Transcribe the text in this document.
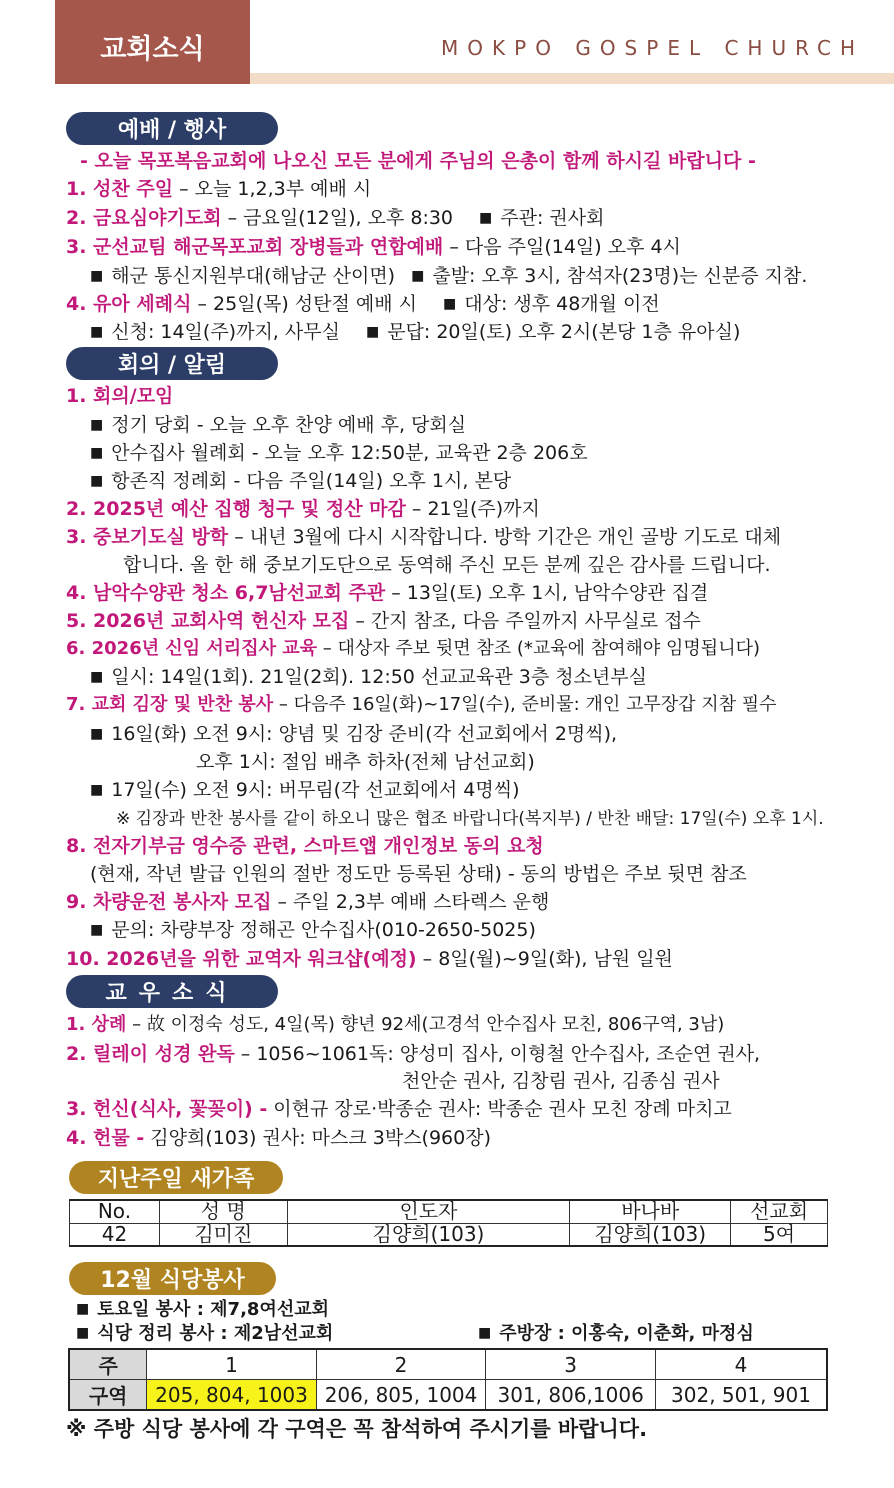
교회소식	MOKPO GOSPEL CHURCH
예배 / 행사
- 오늘 목포복음교회에 나오신 모든 분에게 주님의 은총이 함께 하시길 바랍니다 -
1. 성찬 주일 – 오늘 1,2,3부 예배 시
2. 금요심야기도회 – 금요일(12일), 오후 8:30 ■ 주관: 권사회
3. 군선교팀 해군목포교회 장병들과 연합예배 – 다음 주일(14일) 오후 4시
■ 해군 통신지원부대(해남군 산이면) ■ 출발: 오후 3시, 참석자(23명)는 신분증 지참.
4. 유아 세례식 – 25일(목) 성탄절 예배 시 ■ 대상: 생후 48개월 이전
■ 신청: 14일(주)까지, 사무실 ■ 문답: 20일(토) 오후 2시(본당 1층 유아실)
회의 / 알림
1. 회의/모임
■ 정기 당회 - 오늘 오후 찬양 예배 후, 당회실
■ 안수집사 월례회 - 오늘 오후 12:50분, 교육관 2층 206호
■ 항존직 정례회 - 다음 주일(14일) 오후 1시, 본당
2. 2025년 예산 집행 청구 및 정산 마감 – 21일(주)까지
3. 중보기도실 방학 – 내년 3월에 다시 시작합니다. 방학 기간은 개인 골방 기도로 대체
합니다. 올 한 해 중보기도단으로 동역해 주신 모든 분께 깊은 감사를 드립니다.
4. 남악수양관 청소 6,7남선교회 주관 – 13일(토) 오후 1시, 남악수양관 집결
5. 2026년 교회사역 헌신자 모집 – 간지 참조, 다음 주일까지 사무실로 접수
6. 2026년 신임 서리집사 교육 – 대상자 주보 뒷면 참조 (*교육에 참여해야 임명됩니다)
■ 일시: 14일(1회). 21일(2회). 12:50 선교교육관 3층 청소년부실
7. 교회 김장 및 반찬 봉사 – 다음주 16일(화)~17일(수), 준비물: 개인 고무장갑 지참 필수
■ 16일(화) 오전 9시: 양념 및 김장 준비(각 선교회에서 2명씩),
오후 1시: 절임 배추 하차(전체 남선교회)
■ 17일(수) 오전 9시: 버무림(각 선교회에서 4명씩)
※ 김장과 반찬 봉사를 같이 하오니 많은 협조 바랍니다(복지부) / 반찬 배달: 17일(수) 오후 1시.
8. 전자기부금 영수증 관련, 스마트앱 개인정보 동의 요청
(현재, 작년 발급 인원의 절반 정도만 등록된 상태) - 동의 방법은 주보 뒷면 참조
9. 차량운전 봉사자 모집 – 주일 2,3부 예배 스타렉스 운행
■ 문의: 차량부장 정해곤 안수집사(010-2650-5025)
10. 2026년을 위한 교역자 워크샵(예정) – 8일(월)~9일(화), 남원 일원
교우소식
1. 상례 – 故 이정숙 성도, 4일(목) 향년 92세(고경석 안수집사 모친, 806구역, 3남)
2. 릴레이 성경 완독 – 1056~1061독: 양성미 집사, 이형철 안수집사, 조순연 권사,
천안순 권사, 김창림 권사, 김종심 권사
3. 헌신(식사, 꽃꽂이) - 이현규 장로·박종순 권사: 박종순 권사 모친 장례 마치고
4. 헌물 - 김양희(103) 권사: 마스크 3박스(960장)
지난주일 새가족
No.	성 명	인도자	바나바	선교회
42	김미진	김양희(103)	김양희(103)	5여
12월 식당봉사
■ 토요일 봉사 : 제7,8여선교회
■ 식당 정리 봉사 : 제2남선교회	■ 주방장 : 이홍숙, 이춘화, 마정심
주	1	2	3	4
구역	205, 804, 1003	206, 805, 1004	301, 806,1006	302, 501, 901
※ 주방 식당 봉사에 각 구역은 꼭 참석하여 주시기를 바랍니다.
